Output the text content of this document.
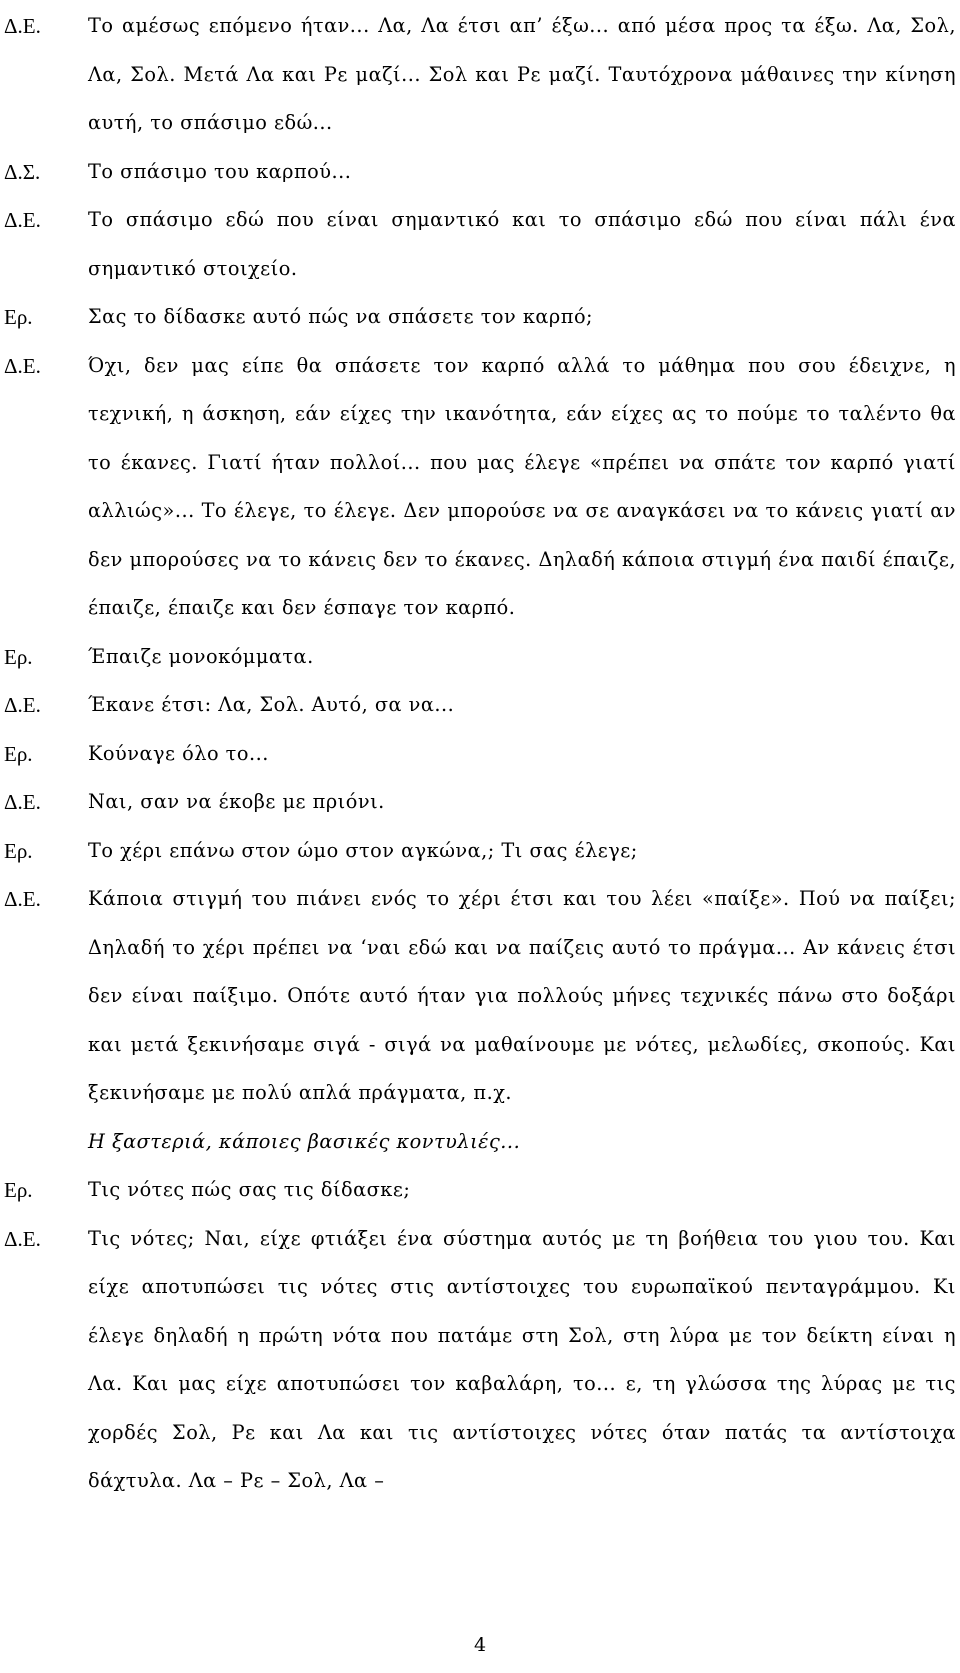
Δ.Ε.	Το αμέσως επόμενο ήταν... Λα, Λα έτσι απ’ έξω... από μέσα προς τα έξω. Λα, Σολ, Λα, Σολ. Μετά Λα και Ρε μαζί... Σολ και Ρε μαζί. Ταυτόχρονα μάθαινες την κίνηση αυτή, το σπάσιμο εδώ...
Δ.Σ.	Το σπάσιμο του καρπού...
Δ.Ε.	Το σπάσιμο εδώ που είναι σημαντικό και το σπάσιμο εδώ που είναι πάλι ένα σημαντικό στοιχείο.
Ερ.	Σας το δίδασκε αυτό πώς να σπάσετε τον καρπό;
Δ.Ε.	Όχι, δεν μας είπε θα σπάσετε τον καρπό αλλά το μάθημα που σου έδειχνε, η τεχνική, η άσκηση, εάν είχες την ικανότητα, εάν είχες ας το πούμε το ταλέντο θα το έκανες. Γιατί ήταν πολλοί... που μας έλεγε «πρέπει να σπάτε τον καρπό γιατί αλλιώς»... Το έλεγε, το έλεγε. Δεν μπορούσε να σε αναγκάσει να το κάνεις γιατί αν δεν μπορούσες να το κάνεις δεν το έκανες. Δηλαδή κάποια στιγμή ένα παιδί έπαιζε, έπαιζε, έπαιζε και δεν έσπαγε τον καρπό.
Ερ.	Έπαιζε μονοκόμματα.
Δ.Ε.	Έκανε έτσι: Λα, Σολ. Αυτό, σα να...
Ερ.	Κούναγε όλο το...
Δ.Ε.	Ναι, σαν να έκοβε με πριόνι.
Ερ.	Το χέρι επάνω στον ώμο στον αγκώνα,; Τι σας έλεγε;
Δ.Ε.	Κάποια στιγμή του πιάνει ενός το χέρι έτσι και του λέει «παίξε». Πού να παίξει; Δηλαδή το χέρι πρέπει να ‘ναι εδώ και να παίζεις αυτό το πράγμα... Αν κάνεις έτσι δεν είναι παίξιμο. Οπότε αυτό ήταν για πολλούς μήνες τεχνικές πάνω στο δοξάρι και μετά ξεκινήσαμε σιγά - σιγά να μαθαίνουμε με νότες, μελωδίες, σκοπούς. Και ξεκινήσαμε με πολύ απλά πράγματα, π.χ.
Η ξαστεριά, κάποιες βασικές κοντυλιές...
Ερ.	Τις νότες πώς σας τις δίδασκε;
Δ.Ε.	Τις νότες; Ναι, είχε φτιάξει ένα σύστημα αυτός με τη βοήθεια του γιου του. Και είχε αποτυπώσει τις νότες στις αντίστοιχες του ευρωπαϊκού πενταγράμμου. Κι έλεγε δηλαδή η πρώτη νότα που πατάμε στη Σολ, στη λύρα με τον δείκτη είναι η Λα. Και μας είχε αποτυπώσει τον καβαλάρη, το... ε, τη γλώσσα της λύρας με τις χορδές Σολ, Ρε και Λα και τις αντίστοιχες νότες όταν πατάς τα αντίστοιχα δάχτυλα. Λα – Ρε – Σολ, Λα –
4
